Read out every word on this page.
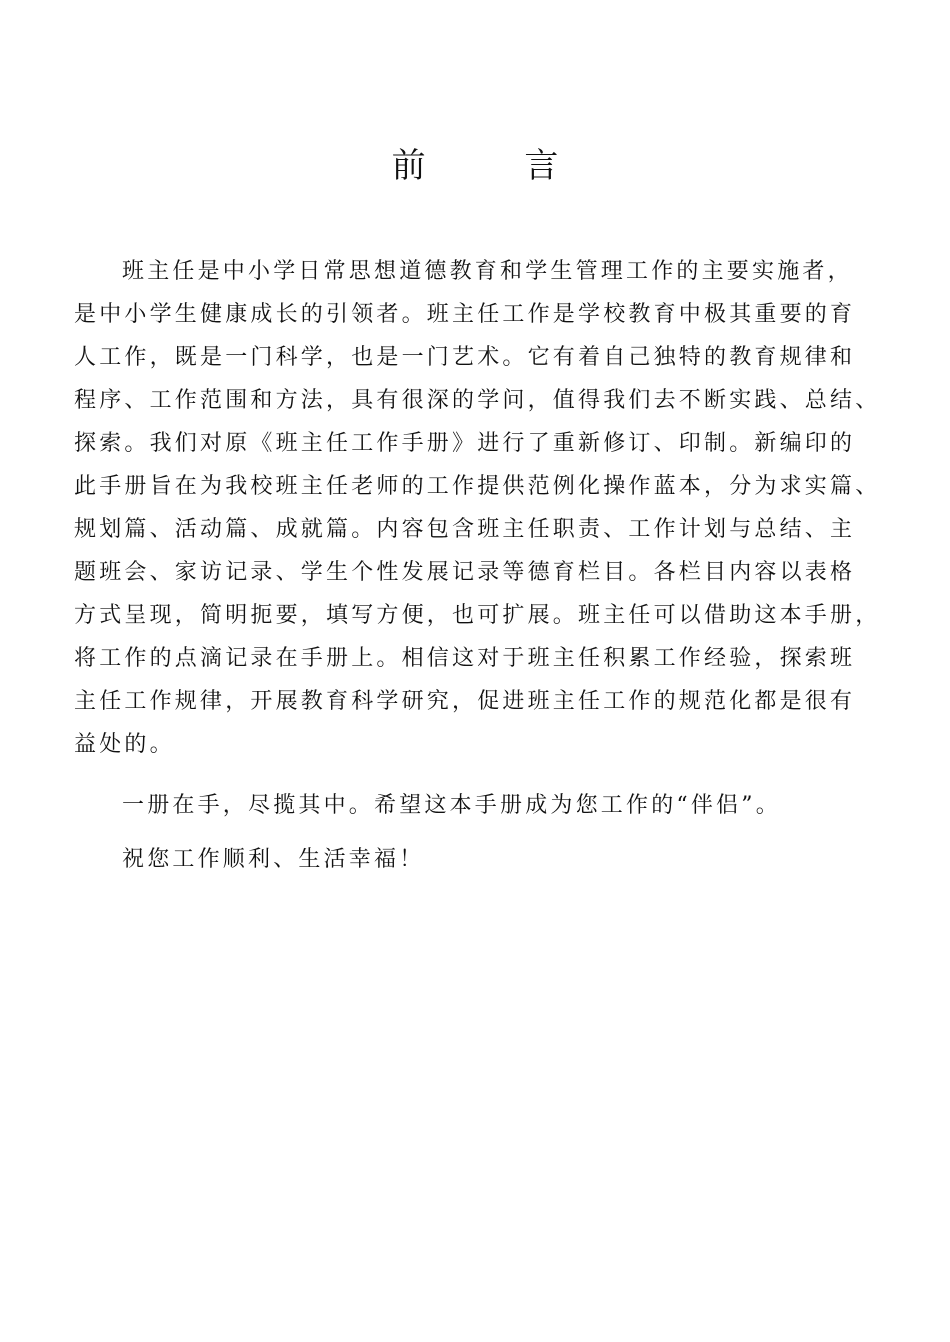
前 言
班主任是中小学日常思想道德教育和学生管理工作的主要实施者，
是中小学生健康成长的引领者。班主任工作是学校教育中极其重要的育
人工作，既是一门科学，也是一门艺术。它有着自己独特的教育规律和
程序、工作范围和方法，具有很深的学问，值得我们去不断实践、总结、
探索。我们对原《班主任工作手册》进行了重新修订、印制。新编印的
此手册旨在为我校班主任老师的工作提供范例化操作蓝本，分为求实篇、
规划篇、活动篇、成就篇。内容包含班主任职责、工作计划与总结、主
题班会、家访记录、学生个性发展记录等德育栏目。各栏目内容以表格
方式呈现，简明扼要，填写方便，也可扩展。班主任可以借助这本手册，
将工作的点滴记录在手册上。相信这对于班主任积累工作经验，探索班
主任工作规律，开展教育科学研究，促进班主任工作的规范化都是很有
益处的。
一册在手，尽揽其中。希望这本手册成为您工作的“伴侣”。
祝您工作顺利、生活幸福！
